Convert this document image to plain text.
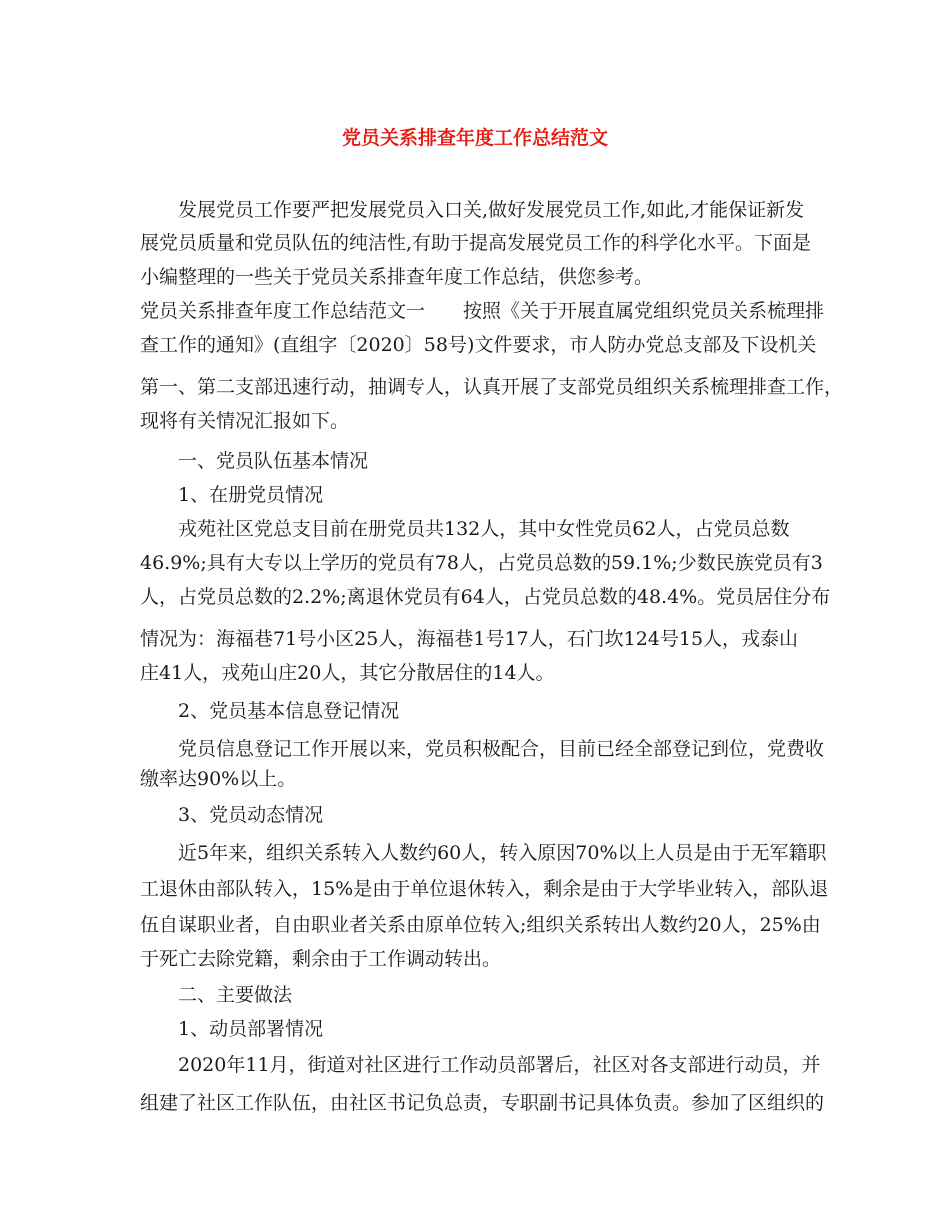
党员关系排查年度工作总结范文
发展党员工作要严把发展党员入口关,做好发展党员工作,如此,才能保证新发
展党员质量和党员队伍的纯洁性,有助于提高发展党员工作的科学化水平。下面是
小编整理的一些关于党员关系排查年度工作总结，供您参考。
党员关系排查年度工作总结范文一　　按照《关于开展直属党组织党员关系梳理排
查工作的通知》(直组字〔2020〕58号)文件要求，市人防办党总支部及下设机关
第一、第二支部迅速行动，抽调专人，认真开展了支部党员组织关系梳理排查工作，
现将有关情况汇报如下。
一、党员队伍基本情况
1、在册党员情况
戎苑社区党总支目前在册党员共132人，其中女性党员62人，占党员总数
46.9%;具有大专以上学历的党员有78人，占党员总数的59.1%;少数民族党员有3
人，占党员总数的2.2%;离退休党员有64人，占党员总数的48.4%。党员居住分布
情况为：海福巷71号小区25人，海福巷1号17人，石门坎124号15人，戎泰山
庄41人，戎苑山庄20人，其它分散居住的14人。
2、党员基本信息登记情况
党员信息登记工作开展以来，党员积极配合，目前已经全部登记到位，党费收
缴率达90%以上。
3、党员动态情况
近5年来，组织关系转入人数约60人，转入原因70%以上人员是由于无军籍职
工退休由部队转入，15%是由于单位退休转入，剩余是由于大学毕业转入，部队退
伍自谋职业者，自由职业者关系由原单位转入;组织关系转出人数约20人，25%由
于死亡去除党籍，剩余由于工作调动转出。
二、主要做法
1、动员部署情况
2020年11月，街道对社区进行工作动员部署后，社区对各支部进行动员，并
组建了社区工作队伍，由社区书记负总责，专职副书记具体负责。参加了区组织的
